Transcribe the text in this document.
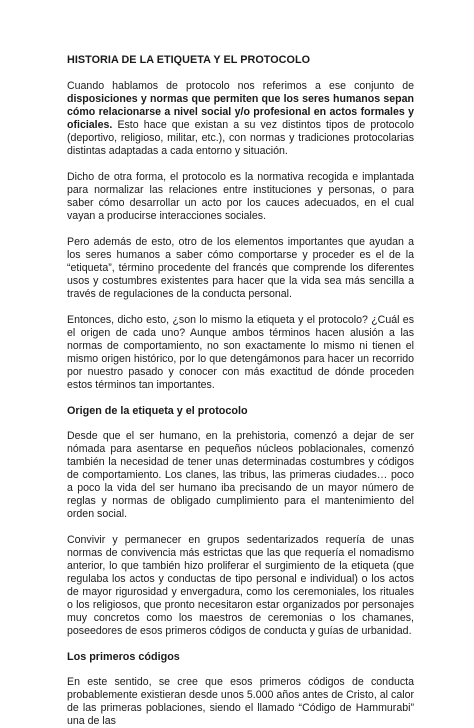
HISTORIA DE LA ETIQUETA Y EL PROTOCOLO

Cuando hablamos de protocolo nos referimos a ese conjunto de disposiciones y normas que permiten que los seres humanos sepan cómo relacionarse a nivel social y/o profesional en actos formales y oficiales. Esto hace que existan a su vez distintos tipos de protocolo (deportivo, religioso, militar, etc.), con normas y tradiciones protocolarias distintas adaptadas a cada entorno y situación.

Dicho de otra forma, el protocolo es la normativa recogida e implantada para normalizar las relaciones entre instituciones y personas, o para saber cómo desarrollar un acto por los cauces adecuados, en el cual vayan a producirse interacciones sociales.

Pero además de esto, otro de los elementos importantes que ayudan a los seres humanos a saber cómo comportarse y proceder es el de la “etiqueta”, término procedente del francés que comprende los diferentes usos y costumbres existentes para hacer que la vida sea más sencilla a través de regulaciones de la conducta personal.

Entonces, dicho esto, ¿son lo mismo la etiqueta y el protocolo? ¿Cuál es el origen de cada uno? Aunque ambos términos hacen alusión a las normas de comportamiento, no son exactamente lo mismo ni tienen el mismo origen histórico, por lo que detengámonos para hacer un recorrido por nuestro pasado y conocer con más exactitud de dónde proceden estos términos tan importantes.

Origen de la etiqueta y el protocolo

Desde que el ser humano, en la prehistoria, comenzó a dejar de ser nómada para asentarse en pequeños núcleos poblacionales, comenzó también la necesidad de tener unas determinadas costumbres y códigos de comportamiento. Los clanes, las tribus, las primeras ciudades… poco a poco la vida del ser humano iba precisando de un mayor número de reglas y normas de obligado cumplimiento para el mantenimiento del orden social.

Convivir y permanecer en grupos sedentarizados requería de unas normas de convivencia más estrictas que las que requería el nomadismo anterior, lo que también hizo proliferar el surgimiento de la etiqueta (que regulaba los actos y conductas de tipo personal e individual) o los actos de mayor rigurosidad y envergadura, como los ceremoniales, los rituales o los religiosos, que pronto necesitaron estar organizados por personajes muy concretos como los maestros de ceremonias o los chamanes, poseedores de esos primeros códigos de conducta y guías de urbanidad.

Los primeros códigos

En este sentido, se cree que esos primeros códigos de conducta probablemente existieran desde unos 5.000 años antes de Cristo, al calor de las primeras poblaciones, siendo el llamado “Código de Hammurabi” una de las
